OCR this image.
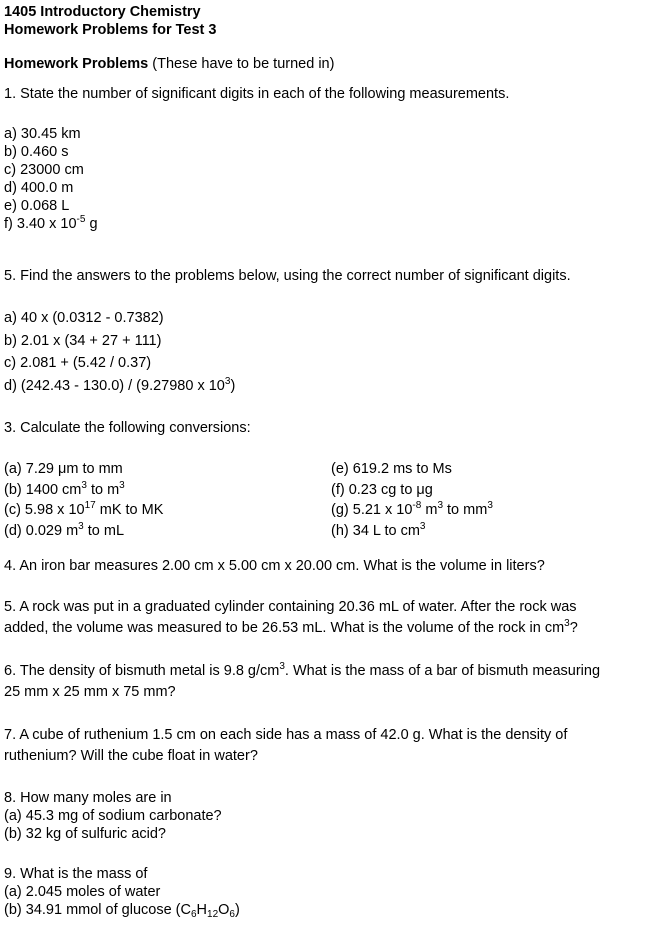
1405 Introductory Chemistry
Homework Problems for Test 3
Homework Problems (These have to be turned in)
1. State the number of significant digits in each of the following measurements.
a) 30.45 km
b) 0.460 s
c) 23000 cm
d) 400.0 m
e) 0.068 L
f) 3.40 x $10^{-5}$ g
5. Find the answers to the problems below, using the correct number of significant digits.
a) 40 x (0.0312 - 0.7382)
b) 2.01 x (34 + 27 + 111)
c) 2.081 + (5.42 / 0.37)
d) (242.43 - 130.0) / (9.27980 x $10^3$)
3. Calculate the following conversions:
(a) 7.29 μm to mm
(b) 1400 $cm^3$ to $m^3$
(c) 5.98 x $10^{17}$ mK to MK
(d) 0.029 $m^3$ to mL
(e) 619.2 ms to Ms
(f) 0.23 cg to μg
(g) 5.21 x $10^{-8}$ $m^3$ to $mm^3$
(h) 34 L to $cm^3$
4. An iron bar measures 2.00 cm x 5.00 cm x 20.00 cm. What is the volume in liters?
5. A rock was put in a graduated cylinder containing 20.36 mL of water. After the rock was
added, the volume was measured to be 26.53 mL. What is the volume of the rock in $cm^3$?
6. The density of bismuth metal is 9.8 $g/cm^3$. What is the mass of a bar of bismuth measuring
25 mm x 25 mm x 75 mm?
7. A cube of ruthenium 1.5 cm on each side has a mass of 42.0 g. What is the density of
ruthenium? Will the cube float in water?
8. How many moles are in
(a) 45.3 mg of sodium carbonate?
(b) 32 kg of sulfuric acid?
9. What is the mass of
(a) 2.045 moles of water
(b) 34.91 mmol of glucose $(C_6H_{12}O_6)$
